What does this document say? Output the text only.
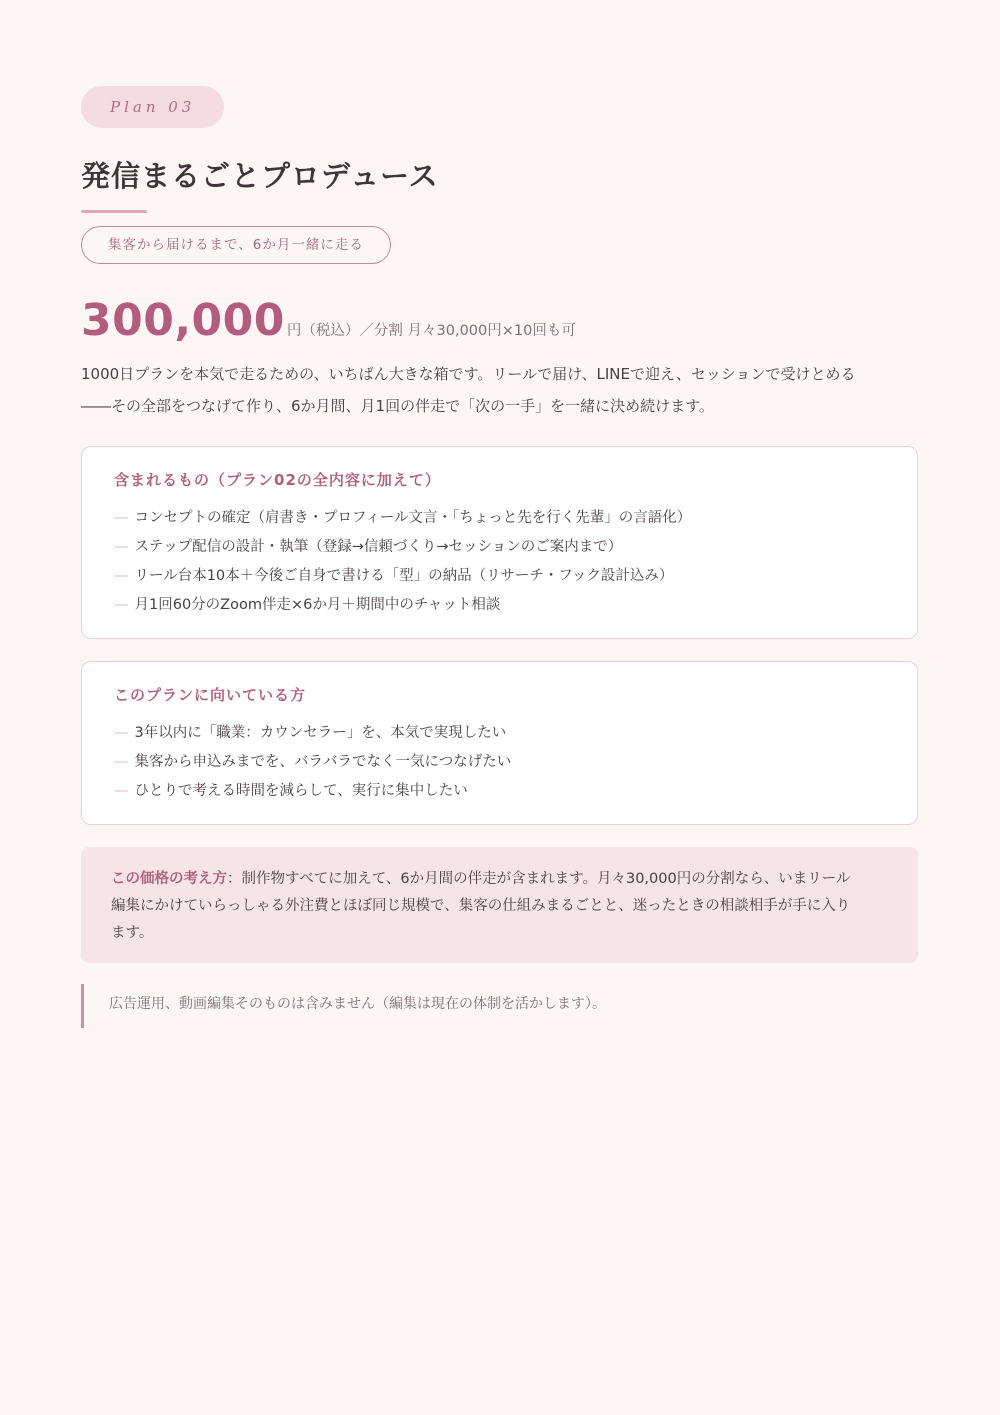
Plan 03
発信まるごとプロデュース
集客から届けるまで、6か月一緒に走る
300,000 円（税込）／分割 月々30,000円×10回も可

1000日プランを本気で走るための、いちばん大きな箱です。リールで届け、LINEで迎え、セッションで受けとめる

――その全部をつなげて作り、6か月間、月1回の伴走で「次の一手」を一緒に決め続けます。

含まれるもの（プラン02の全内容に加えて）
— コンセプトの確定（肩書き・プロフィール文言・「ちょっと先を行く先輩」の言語化）
— ステップ配信の設計・執筆（登録→信頼づくり→セッションのご案内まで）
— リール台本10本＋今後ご自身で書ける「型」の納品（リサーチ・フック設計込み）
— 月1回60分のZoom伴走×6か月＋期間中のチャット相談
このプランに向いている方
— 3年以内に「職業：カウンセラー」を、本気で実現したい
— 集客から申込みまでを、バラバラでなく一気につなげたい
— ひとりで考える時間を減らして、実行に集中したい

この価格の考え方：制作物すべてに加えて、6か月間の伴走が含まれます。月々30,000円の分割なら、いまリール

編集にかけていらっしゃる外注費とほぼ同じ規模で、集客の仕組みまるごとと、迷ったときの相談相手が手に入り

ます。

広告運用、動画編集そのものは含みません（編集は現在の体制を活かします）。
